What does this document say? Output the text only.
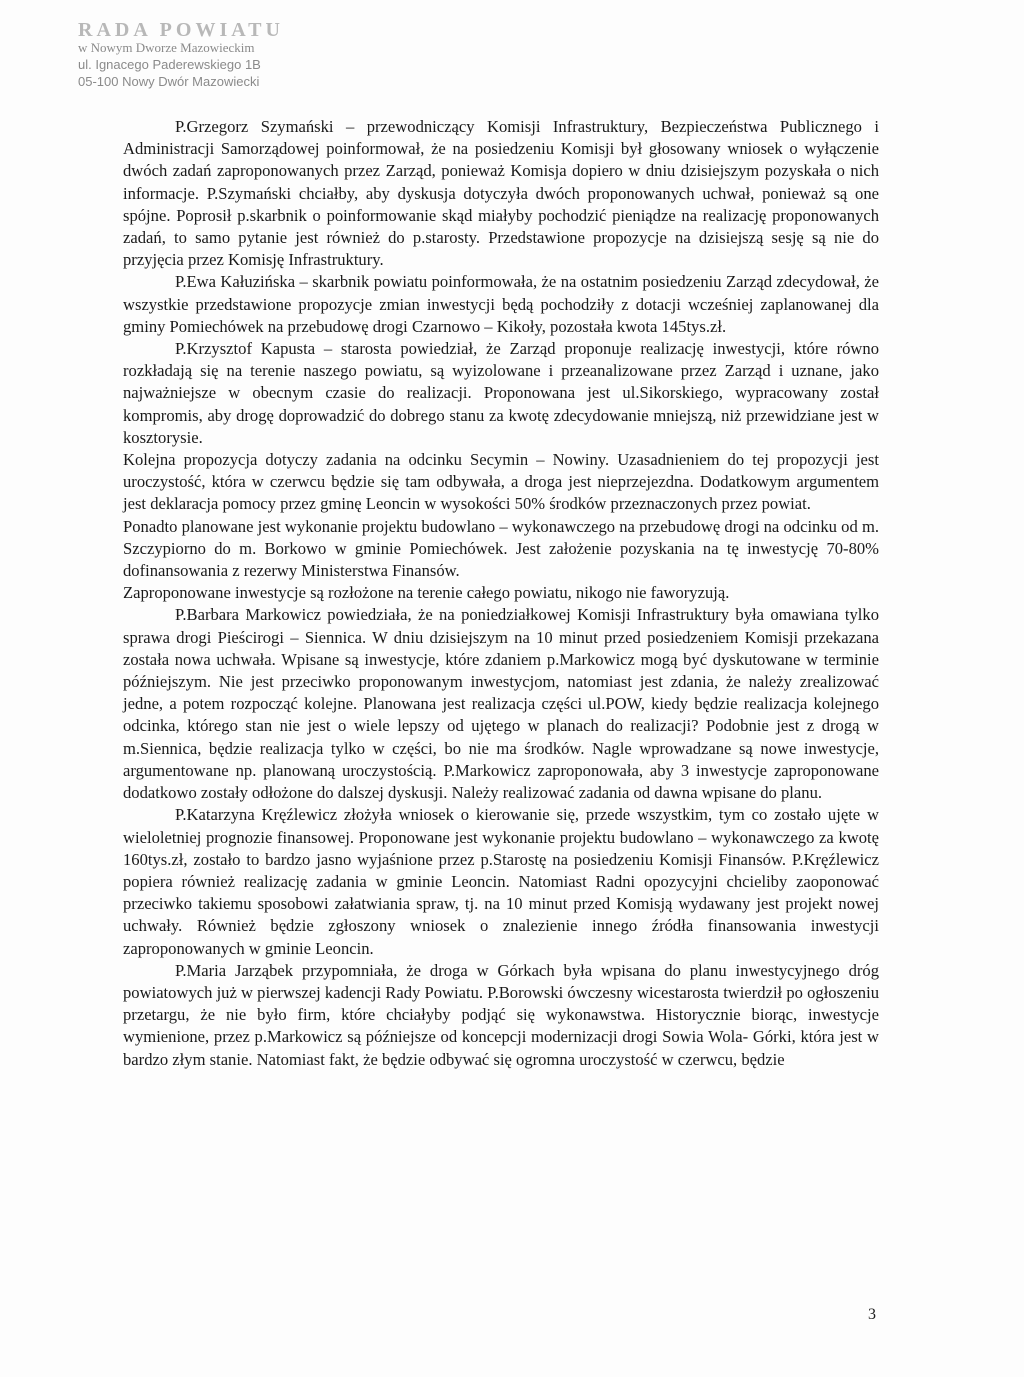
RADA POWIATU
w Nowym Dworze Mazowieckim
ul. Ignacego Paderewskiego 1B
05-100 Nowy Dwór Mazowiecki

P.Grzegorz Szymański – przewodniczący Komisji Infrastruktury, Bezpieczeństwa Publicznego i Administracji Samorządowej poinformował, że na posiedzeniu Komisji był głosowany wniosek o wyłączenie dwóch zadań zaproponowanych przez Zarząd, ponieważ Komisja dopiero w dniu dzisiejszym pozyskała o nich informacje. P.Szymański chciałby, aby dyskusja dotyczyła dwóch proponowanych uchwał, ponieważ są one spójne. Poprosił p.skarbnik o poinformowanie skąd miałyby pochodzić pieniądze na realizację proponowanych zadań, to samo pytanie jest również do p.starosty. Przedstawione propozycje na dzisiejszą sesję są nie do przyjęcia przez Komisję Infrastruktury.

P.Ewa Kałuzińska – skarbnik powiatu poinformowała, że na ostatnim posiedzeniu Zarząd zdecydował, że wszystkie przedstawione propozycje zmian inwestycji będą pochodziły z dotacji wcześniej zaplanowanej dla gminy Pomiechówek na przebudowę drogi Czarnowo – Kikoły, pozostała kwota 145tys.zł.

P.Krzysztof Kapusta – starosta powiedział, że Zarząd proponuje realizację inwestycji, które równo rozkładają się na terenie naszego powiatu, są wyizolowane i przeanalizowane przez Zarząd i uznane, jako najważniejsze w obecnym czasie do realizacji. Proponowana jest ul.Sikorskiego, wypracowany został kompromis, aby drogę doprowadzić do dobrego stanu za kwotę zdecydowanie mniejszą, niż przewidziane jest w kosztorysie.

Kolejna propozycja dotyczy zadania na odcinku Secymin – Nowiny. Uzasadnieniem do tej propozycji jest uroczystość, która w czerwcu będzie się tam odbywała, a droga jest nieprzejezdna. Dodatkowym argumentem jest deklaracja pomocy przez gminę Leoncin w wysokości 50% środków przeznaczonych przez powiat.

Ponadto planowane jest wykonanie projektu budowlano – wykonawczego na przebudowę drogi na odcinku od m. Szczypiorno do m. Borkowo w gminie Pomiechówek. Jest założenie pozyskania na tę inwestycję 70-80% dofinansowania z rezerwy Ministerstwa Finansów.

Zaproponowane inwestycje są rozłożone na terenie całego powiatu, nikogo nie faworyzują.

P.Barbara Markowicz powiedziała, że na poniedziałkowej Komisji Infrastruktury była omawiana tylko sprawa drogi Pieścirogi – Siennica. W dniu dzisiejszym na 10 minut przed posiedzeniem Komisji przekazana została nowa uchwała. Wpisane są inwestycje, które zdaniem p.Markowicz mogą być dyskutowane w terminie późniejszym. Nie jest przeciwko proponowanym inwestycjom, natomiast jest zdania, że należy zrealizować jedne, a potem rozpocząć kolejne. Planowana jest realizacja części ul.POW, kiedy będzie realizacja kolejnego odcinka, którego stan nie jest o wiele lepszy od ujętego w planach do realizacji? Podobnie jest z drogą w m.Siennica, będzie realizacja tylko w części, bo nie ma środków. Nagle wprowadzane są nowe inwestycje, argumentowane np. planowaną uroczystością. P.Markowicz zaproponowała, aby 3 inwestycje zaproponowane dodatkowo zostały odłożone do dalszej dyskusji. Należy realizować zadania od dawna wpisane do planu.

P.Katarzyna Kręźlewicz złożyła wniosek o kierowanie się, przede wszystkim, tym co zostało ujęte w wieloletniej prognozie finansowej. Proponowane jest wykonanie projektu budowlano – wykonawczego za kwotę 160tys.zł, zostało to bardzo jasno wyjaśnione przez p.Starostę na posiedzeniu Komisji Finansów. P.Kręźlewicz popiera również realizację zadania w gminie Leoncin. Natomiast Radni opozycyjni chcieliby zaoponować przeciwko takiemu sposobowi załatwiania spraw, tj. na 10 minut przed Komisją wydawany jest projekt nowej uchwały. Również będzie zgłoszony wniosek o znalezienie innego źródła finansowania inwestycji zaproponowanych w gminie Leoncin.

P.Maria Jarząbek przypomniała, że droga w Górkach była wpisana do planu inwestycyjnego dróg powiatowych już w pierwszej kadencji Rady Powiatu. P.Borowski ówczesny wicestarosta twierdził po ogłoszeniu przetargu, że nie było firm, które chciałyby podjąć się wykonawstwa. Historycznie biorąc, inwestycje wymienione, przez p.Markowicz są późniejsze od koncepcji modernizacji drogi Sowia Wola- Górki, która jest w bardzo złym stanie. Natomiast fakt, że będzie odbywać się ogromna uroczystość w czerwcu, będzie

3
